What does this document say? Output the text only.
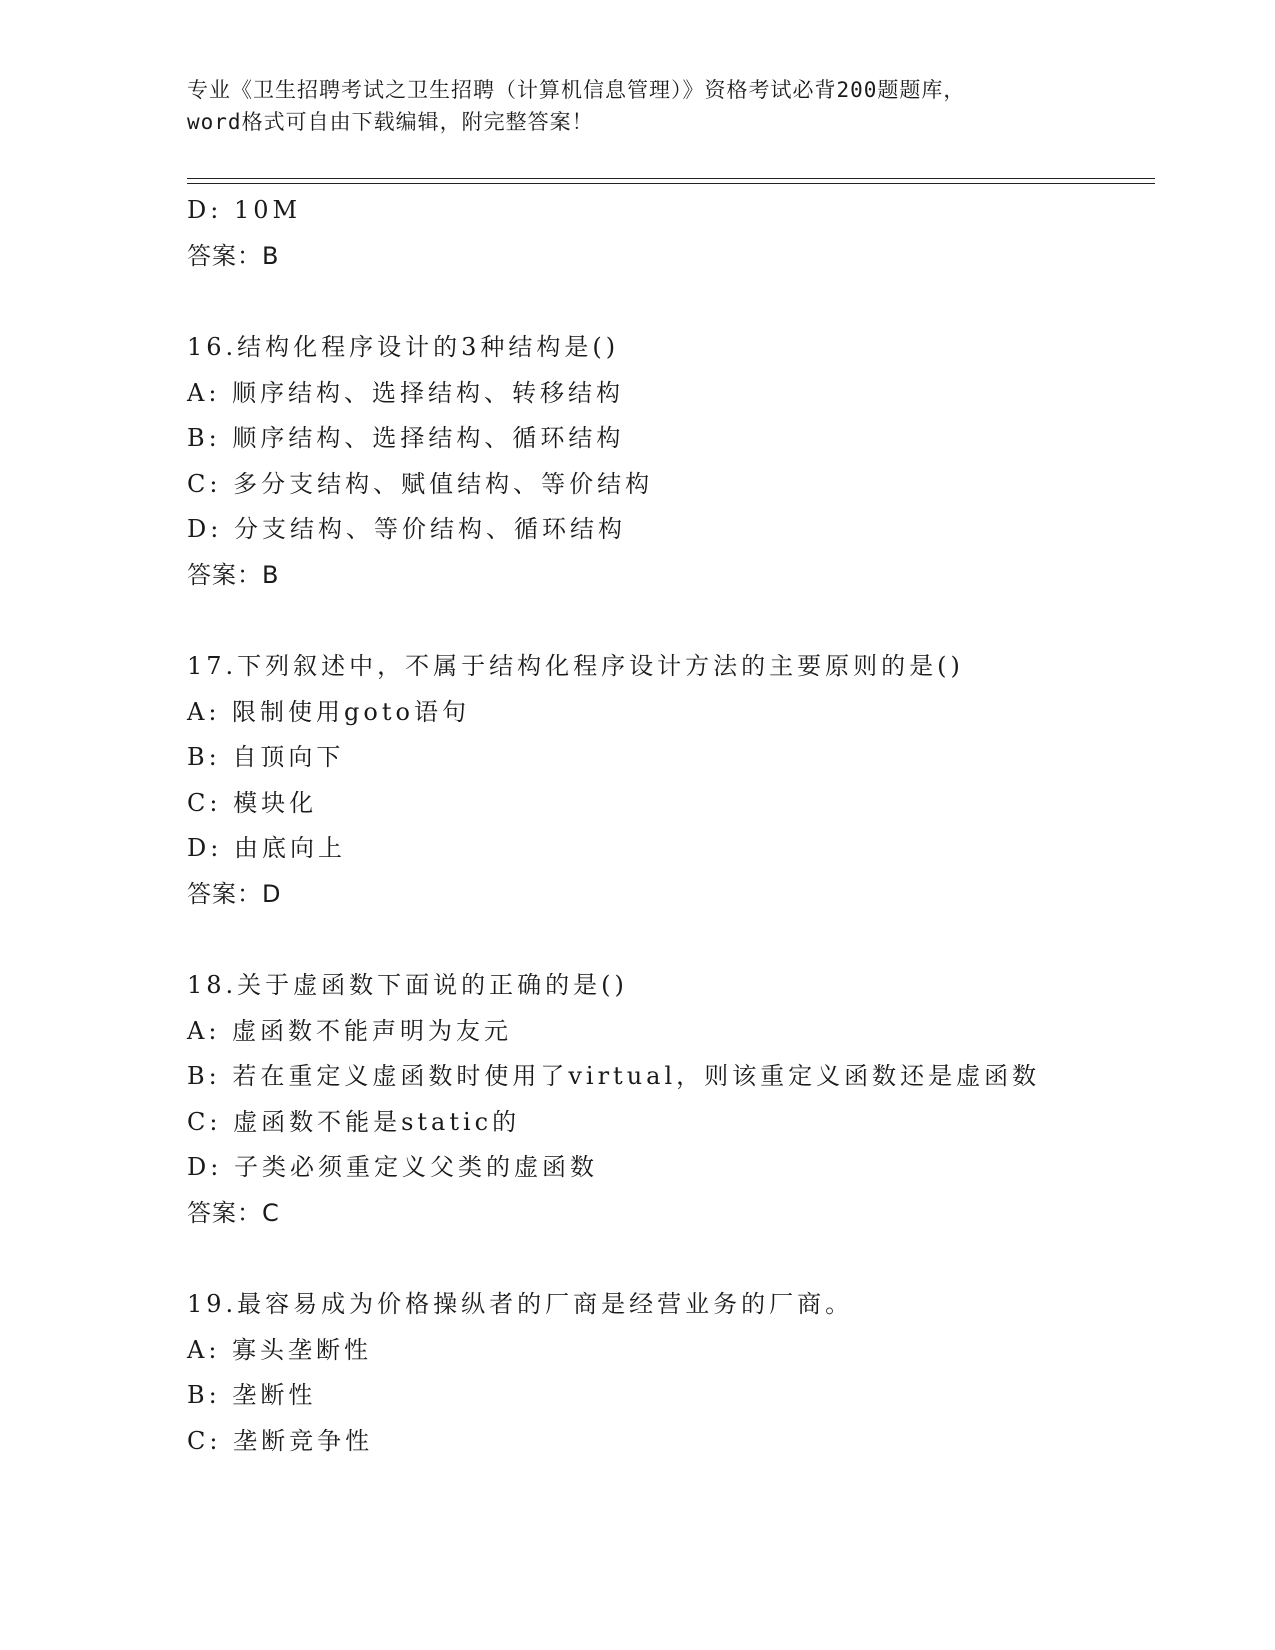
专业《卫生招聘考试之卫生招聘（计算机信息管理）》资格考试必背200题题库，
word格式可自由下载编辑，附完整答案！
D: 10M
答案：B
16.结构化程序设计的3种结构是()
A: 顺序结构、选择结构、转移结构
B: 顺序结构、选择结构、循环结构
C: 多分支结构、赋值结构、等价结构
D: 分支结构、等价结构、循环结构
答案：B
17.下列叙述中，不属于结构化程序设计方法的主要原则的是()
A: 限制使用goto语句
B: 自顶向下
C: 模块化
D: 由底向上
答案：D
18.关于虚函数下面说的正确的是()
A: 虚函数不能声明为友元
B: 若在重定义虚函数时使用了virtual，则该重定义函数还是虚函数
C: 虚函数不能是static的
D: 子类必须重定义父类的虚函数
答案：C
19.最容易成为价格操纵者的厂商是经营业务的厂商。
A: 寡头垄断性
B: 垄断性
C: 垄断竞争性
